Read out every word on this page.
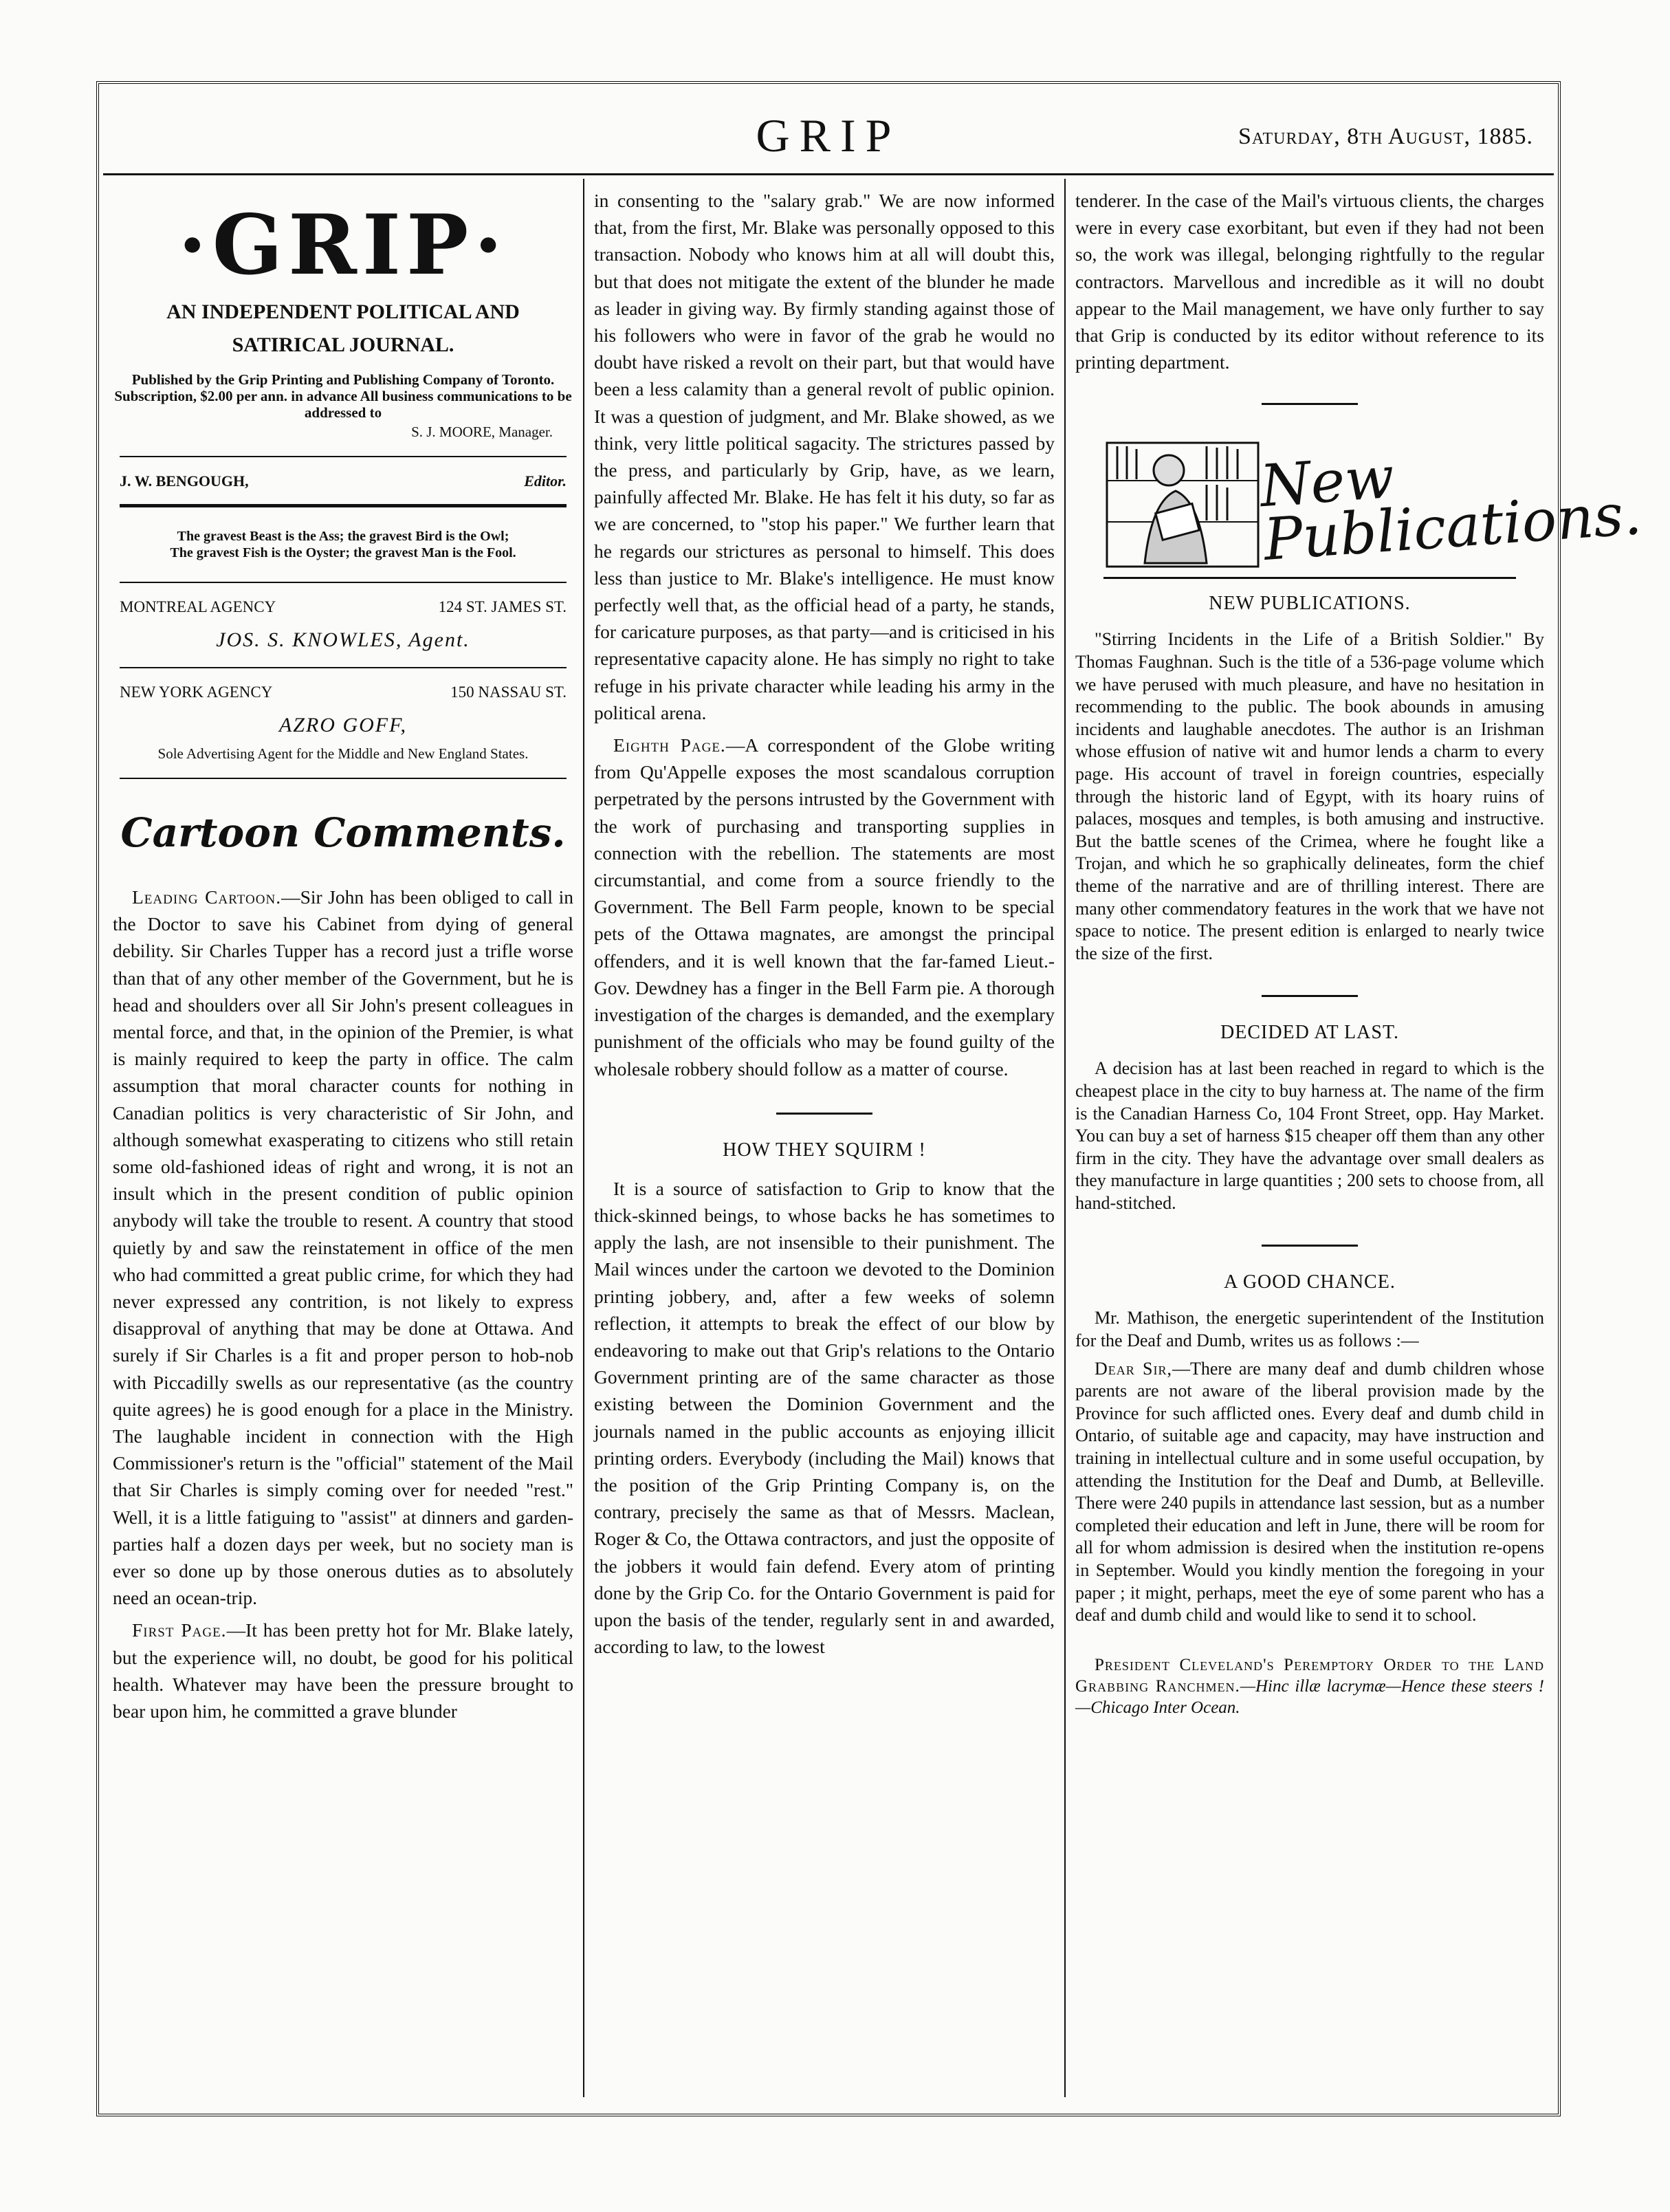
GRIP	Saturday, 8th August, 1885.
·GRIP·
AN INDEPENDENT POLITICAL AND
SATIRICAL JOURNAL.
Published by the Grip Printing and Publishing Company of Toronto. Subscription, $2.00 per ann. in advance All business communications to be addressed to
S. J. MOORE, Manager.
J. W. BENGOUGH,	Editor.
The gravest Beast is the Ass; the gravest Bird is the Owl;
The gravest Fish is the Oyster; the gravest Man is the Fool.
MONTREAL AGENCY	124 ST. JAMES ST.
JOS. S. KNOWLES, Agent.
NEW YORK AGENCY	150 NASSAU ST.
AZRO GOFF,
Sole Advertising Agent for the Middle and New England States.
Cartoon Comments.

Leading Cartoon.—Sir John has been obliged to call in the Doctor to save his Cabinet from dying of general debility. Sir Charles Tupper has a record just a trifle worse than that of any other member of the Government, but he is head and shoulders over all Sir John's present colleagues in mental force, and that, in the opinion of the Premier, is what is mainly required to keep the party in office. The calm assumption that moral character counts for nothing in Canadian politics is very characteristic of Sir John, and although somewhat exasperating to citizens who still retain some old-fashioned ideas of right and wrong, it is not an insult which in the present condition of public opinion anybody will take the trouble to resent. A country that stood quietly by and saw the reinstatement in office of the men who had committed a great public crime, for which they had never expressed any contrition, is not likely to express disapproval of anything that may be done at Ottawa. And surely if Sir Charles is a fit and proper person to hob-nob with Piccadilly swells as our representative (as the country quite agrees) he is good enough for a place in the Ministry. The laughable incident in connection with the High Commissioner's return is the "official" statement of the Mail that Sir Charles is simply coming over for needed "rest." Well, it is a little fatiguing to "assist" at dinners and garden-parties half a dozen days per week, but no society man is ever so done up by those onerous duties as to absolutely need an ocean-trip.

First Page.—It has been pretty hot for Mr. Blake lately, but the experience will, no doubt, be good for his political health. Whatever may have been the pressure brought to bear upon him, he committed a grave blunder

in consenting to the "salary grab." We are now informed that, from the first, Mr. Blake was personally opposed to this transaction. Nobody who knows him at all will doubt this, but that does not mitigate the extent of the blunder he made as leader in giving way. By firmly standing against those of his followers who were in favor of the grab he would no doubt have risked a revolt on their part, but that would have been a less calamity than a general revolt of public opinion. It was a question of judgment, and Mr. Blake showed, as we think, very little political sagacity. The strictures passed by the press, and particularly by Grip, have, as we learn, painfully affected Mr. Blake. He has felt it his duty, so far as we are concerned, to "stop his paper." We further learn that he regards our strictures as personal to himself. This does less than justice to Mr. Blake's intelligence. He must know perfectly well that, as the official head of a party, he stands, for caricature purposes, as that party—and is criticised in his representative capacity alone. He has simply no right to take refuge in his private character while leading his army in the political arena.

Eighth Page.—A correspondent of the Globe writing from Qu'Appelle exposes the most scandalous corruption perpetrated by the persons intrusted by the Government with the work of purchasing and transporting supplies in connection with the rebellion. The statements are most circumstantial, and come from a source friendly to the Government. The Bell Farm people, known to be special pets of the Ottawa magnates, are amongst the principal offenders, and it is well known that the far-famed Lieut.-Gov. Dewdney has a finger in the Bell Farm pie. A thorough investigation of the charges is demanded, and the exemplary punishment of the officials who may be found guilty of the wholesale robbery should follow as a matter of course.

HOW THEY SQUIRM !

It is a source of satisfaction to Grip to know that the thick-skinned beings, to whose backs he has sometimes to apply the lash, are not insensible to their punishment. The Mail winces under the cartoon we devoted to the Dominion printing jobbery, and, after a few weeks of solemn reflection, it attempts to break the effect of our blow by endeavoring to make out that Grip's relations to the Ontario Government printing are of the same character as those existing between the Dominion Government and the journals named in the public accounts as enjoying illicit printing orders. Everybody (including the Mail) knows that the position of the Grip Printing Company is, on the contrary, precisely the same as that of Messrs. Maclean, Roger & Co, the Ottawa contractors, and just the opposite of the jobbers it would fain defend. Every atom of printing done by the Grip Co. for the Ontario Government is paid for upon the basis of the tender, regularly sent in and awarded, according to law, to the lowest

tenderer. In the case of the Mail's virtuous clients, the charges were in every case exorbitant, but even if they had not been so, the work was illegal, belonging rightfully to the regular contractors. Marvellous and incredible as it will no doubt appear to the Mail management, we have only further to say that Grip is conducted by its editor without reference to its printing department.

New Publications.
NEW PUBLICATIONS.

"Stirring Incidents in the Life of a British Soldier." By Thomas Faughnan. Such is the title of a 536-page volume which we have perused with much pleasure, and have no hesitation in recommending to the public. The book abounds in amusing incidents and laughable anecdotes. The author is an Irishman whose effusion of native wit and humor lends a charm to every page. His account of travel in foreign countries, especially through the historic land of Egypt, with its hoary ruins of palaces, mosques and temples, is both amusing and instructive. But the battle scenes of the Crimea, where he fought like a Trojan, and which he so graphically delineates, form the chief theme of the narrative and are of thrilling interest. There are many other commendatory features in the work that we have not space to notice. The present edition is enlarged to nearly twice the size of the first.

DECIDED AT LAST.

A decision has at last been reached in regard to which is the cheapest place in the city to buy harness at. The name of the firm is the Canadian Harness Co, 104 Front Street, opp. Hay Market. You can buy a set of harness $15 cheaper off them than any other firm in the city. They have the advantage over small dealers as they manufacture in large quantities ; 200 sets to choose from, all hand-stitched.

A GOOD CHANCE.

Mr. Mathison, the energetic superintendent of the Institution for the Deaf and Dumb, writes us as follows :—

Dear Sir,—There are many deaf and dumb children whose parents are not aware of the liberal provision made by the Province for such afflicted ones. Every deaf and dumb child in Ontario, of suitable age and capacity, may have instruction and training in intellectual culture and in some useful occupation, by attending the Institution for the Deaf and Dumb, at Belleville. There were 240 pupils in attendance last session, but as a number completed their education and left in June, there will be room for all for whom admission is desired when the institution re-opens in September. Would you kindly mention the foregoing in your paper ; it might, perhaps, meet the eye of some parent who has a deaf and dumb child and would like to send it to school.

President Cleveland's Peremptory Order to the Land Grabbing Ranchmen.—Hinc illæ lacrymæ—Hence these steers !—Chicago Inter Ocean.
